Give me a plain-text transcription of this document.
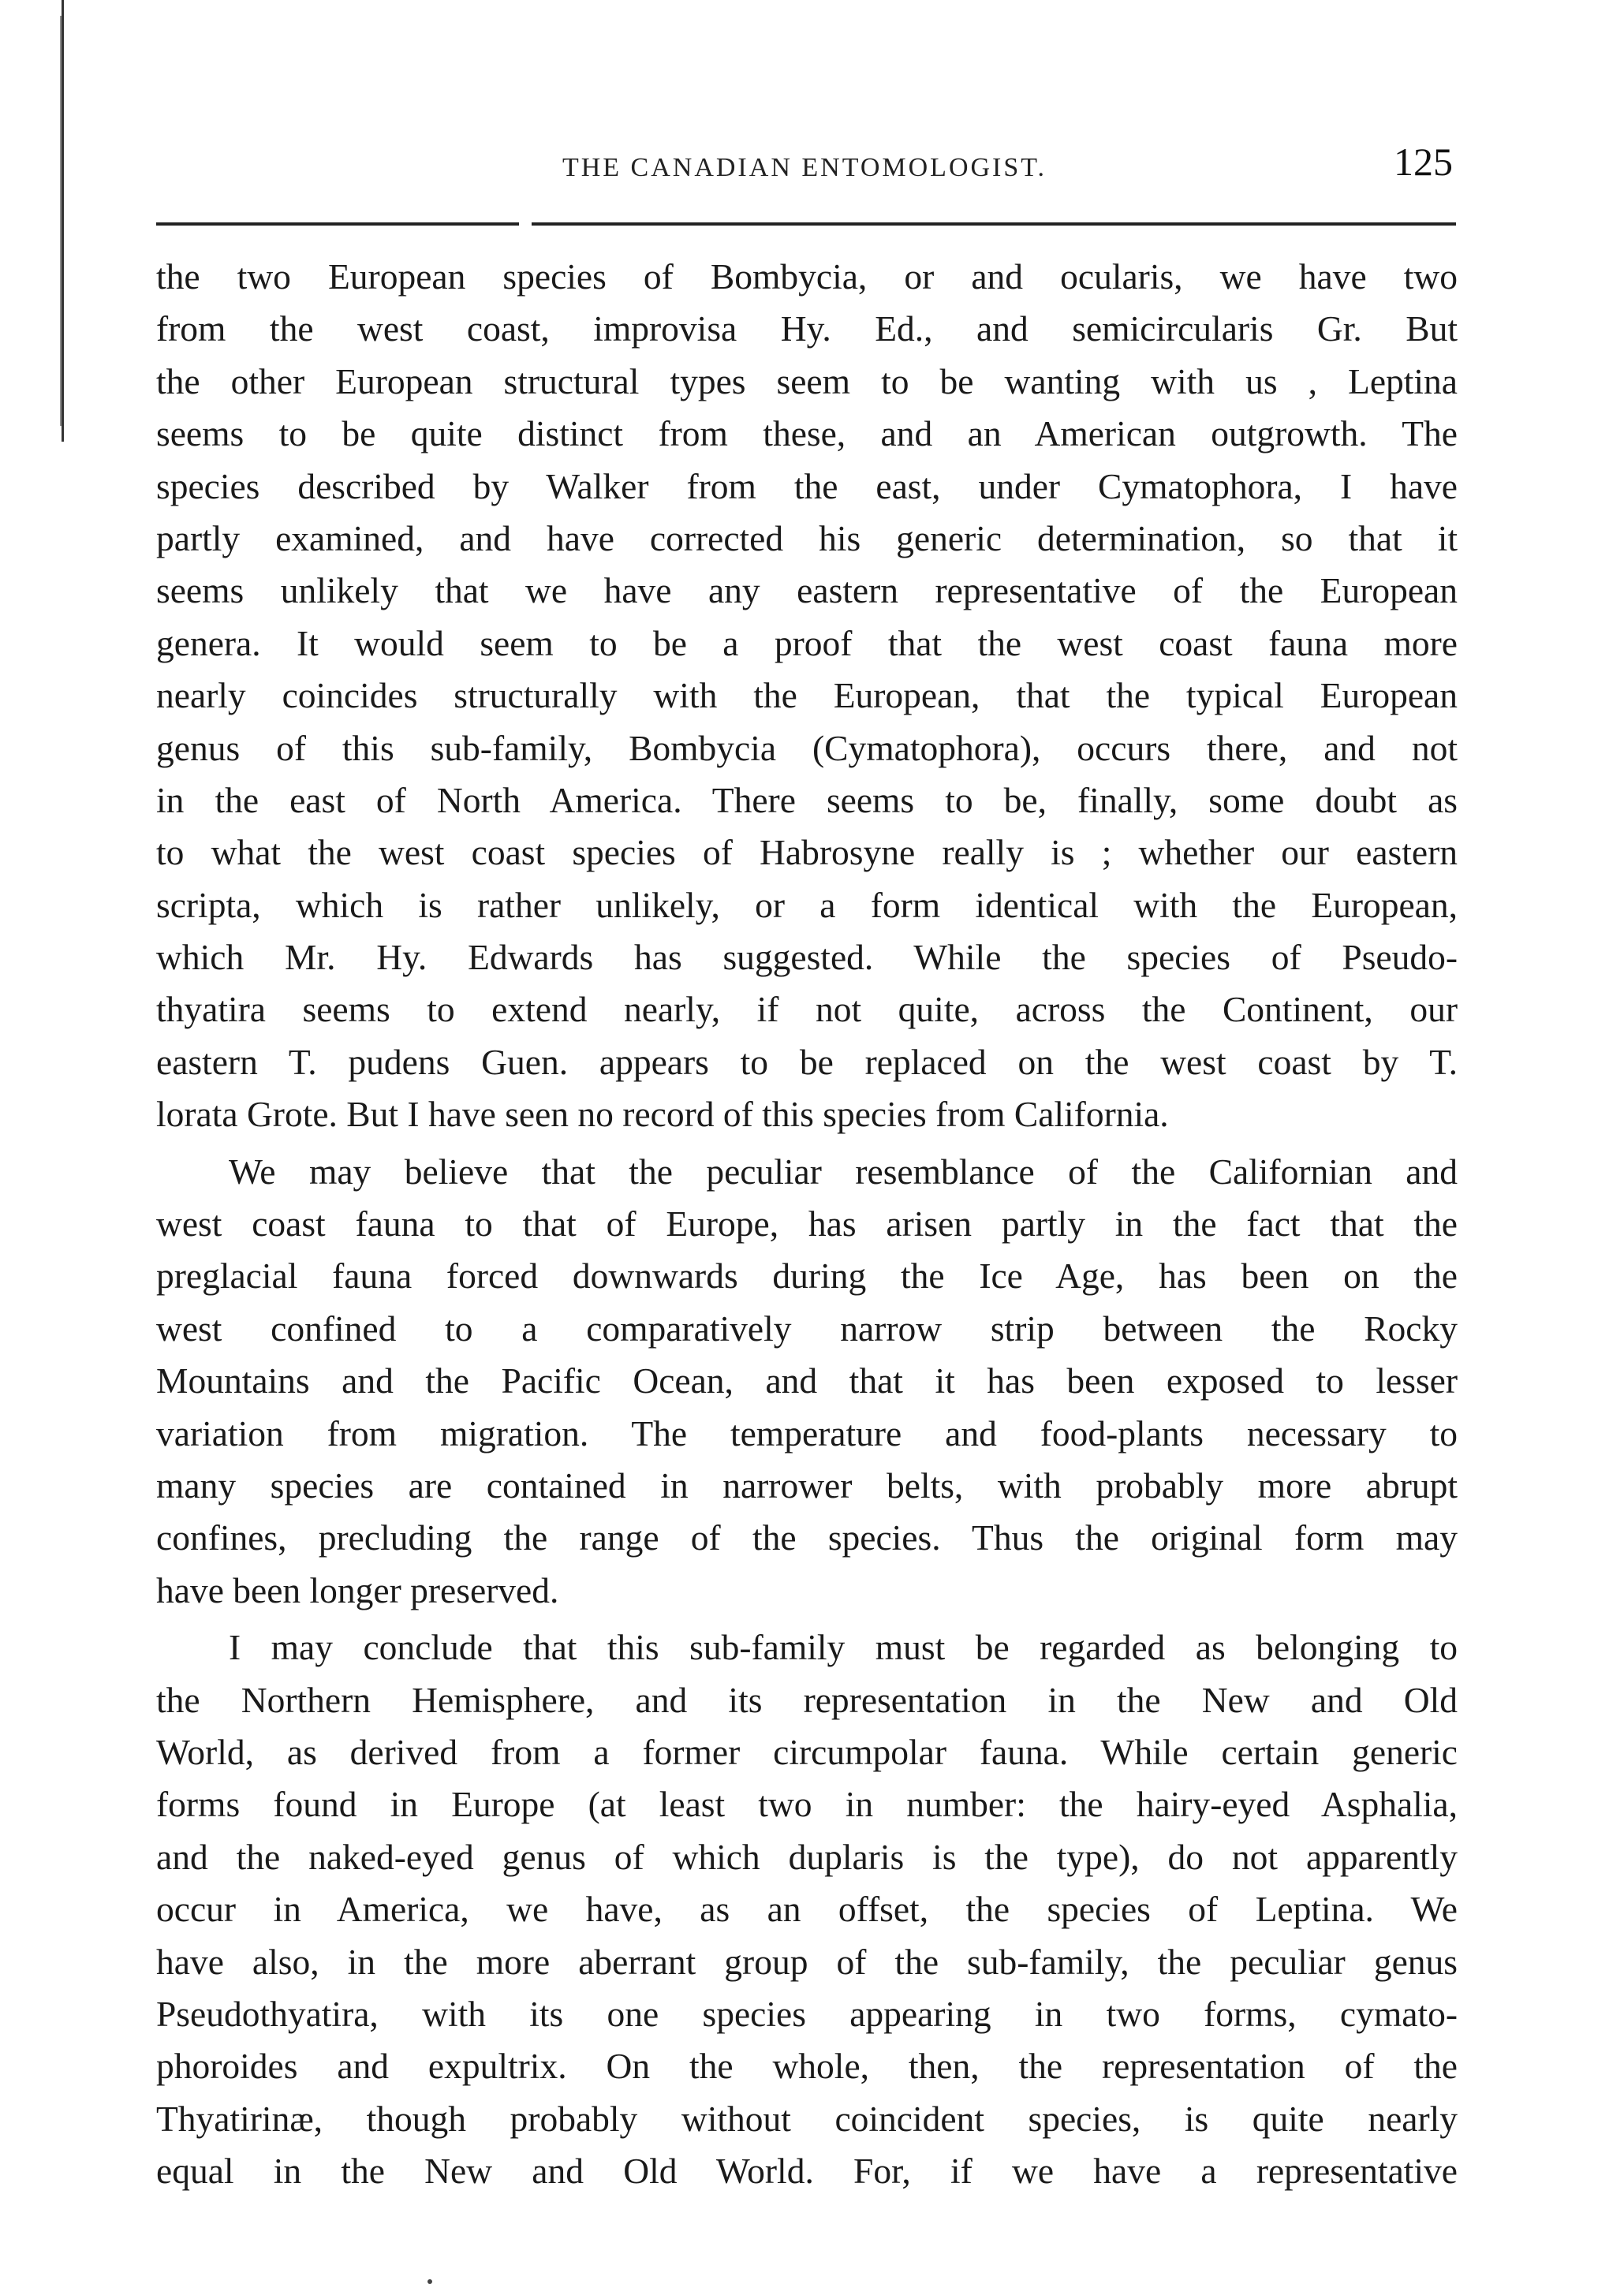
THE CANADIAN ENTOMOLOGIST.	125
the two European species of Bombycia, or and ocularis, we have two
from the west coast, improvisa Hy. Ed., and semicircularis Gr. But
the other European structural types seem to be wanting with us , Leptina
seems to be quite distinct from these, and an American outgrowth. The
species described by Walker from the east, under Cymatophora, I have
partly examined, and have corrected his generic determination, so that it
seems unlikely that we have any eastern representative of the European
genera. It would seem to be a proof that the west coast fauna more
nearly coincides structurally with the European, that the typical European
genus of this sub-family, Bombycia (Cymatophora), occurs there, and not
in the east of North America. There seems to be, finally, some doubt as
to what the west coast species of Habrosyne really is ; whether our eastern
scripta, which is rather unlikely, or a form identical with the European,
which Mr. Hy. Edwards has suggested. While the species of Pseudo-
thyatira seems to extend nearly, if not quite, across the Continent, our
eastern T. pudens Guen. appears to be replaced on the west coast by T.
lorata Grote. But I have seen no record of this species from California.
We may believe that the peculiar resemblance of the Californian and
west coast fauna to that of Europe, has arisen partly in the fact that the
preglacial fauna forced downwards during the Ice Age, has been on the
west confined to a comparatively narrow strip between the Rocky
Mountains and the Pacific Ocean, and that it has been exposed to lesser
variation from migration. The temperature and food-plants necessary to
many species are contained in narrower belts, with probably more abrupt
confines, precluding the range of the species. Thus the original form may
have been longer preserved.
I may conclude that this sub-family must be regarded as belonging to
the Northern Hemisphere, and its representation in the New and Old
World, as derived from a former circumpolar fauna. While certain generic
forms found in Europe (at least two in number: the hairy-eyed Asphalia,
and the naked-eyed genus of which duplaris is the type), do not apparently
occur in America, we have, as an offset, the species of Leptina. We
have also, in the more aberrant group of the sub-family, the peculiar genus
Pseudothyatira, with its one species appearing in two forms, cymato-
phoroides and expultrix. On the whole, then, the representation of the
Thyatirinæ, though probably without coincident species, is quite nearly
equal in the New and Old World. For, if we have a representative
